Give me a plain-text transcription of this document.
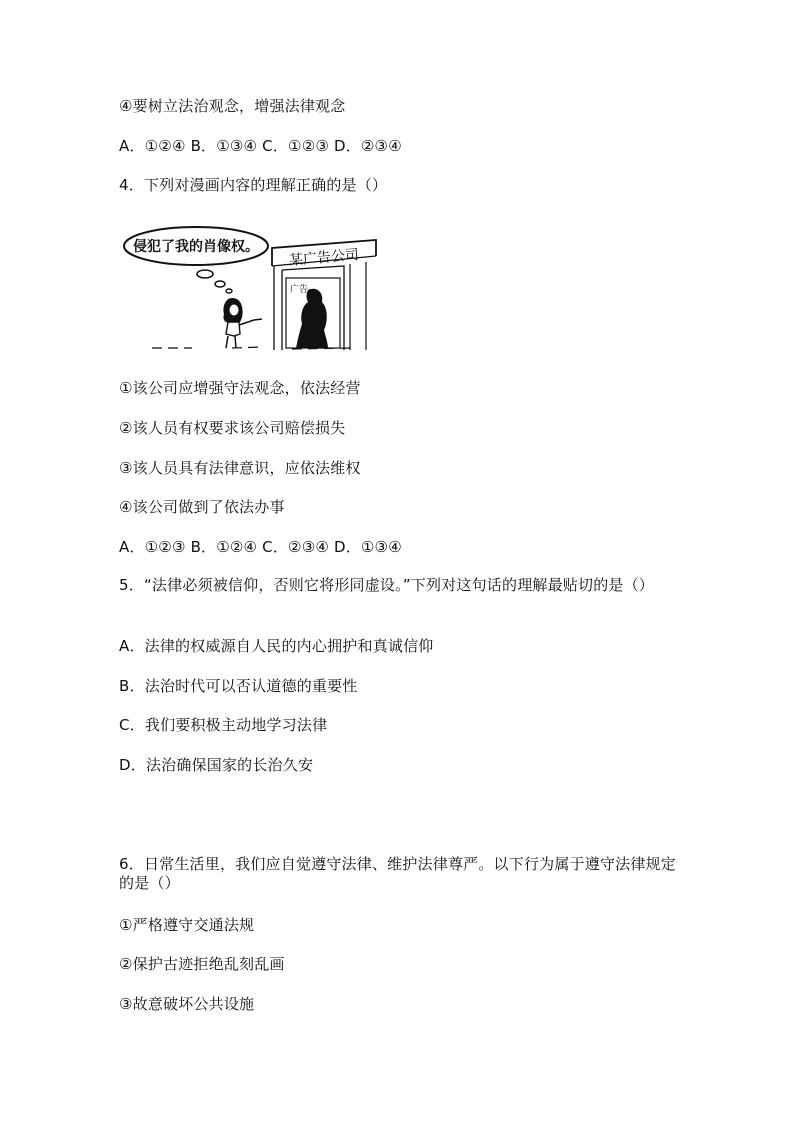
④要树立法治观念，增强法律观念
A．①②④ B．①③④ C．①②③ D．②③④
4．下列对漫画内容的理解正确的是（）
侵犯了我的肖像权。 某广告公司
广告
①该公司应增强守法观念，依法经营
②该人员有权要求该公司赔偿损失
③该人员具有法律意识，应依法维权
④该公司做到了依法办事
A．①②③ B．①②④ C．②③④ D．①③④
5．“法律必须被信仰，否则它将形同虚设。”下列对这句话的理解最贴切的是（）
A．法律的权威源自人民的内心拥护和真诚信仰
B．法治时代可以否认道德的重要性
C．我们要积极主动地学习法律
D．法治确保国家的长治久安
6．日常生活里，我们应自觉遵守法律、维护法律尊严。以下行为属于遵守法律规定的是（）
①严格遵守交通法规
②保护古迹拒绝乱刻乱画
③故意破坏公共设施
